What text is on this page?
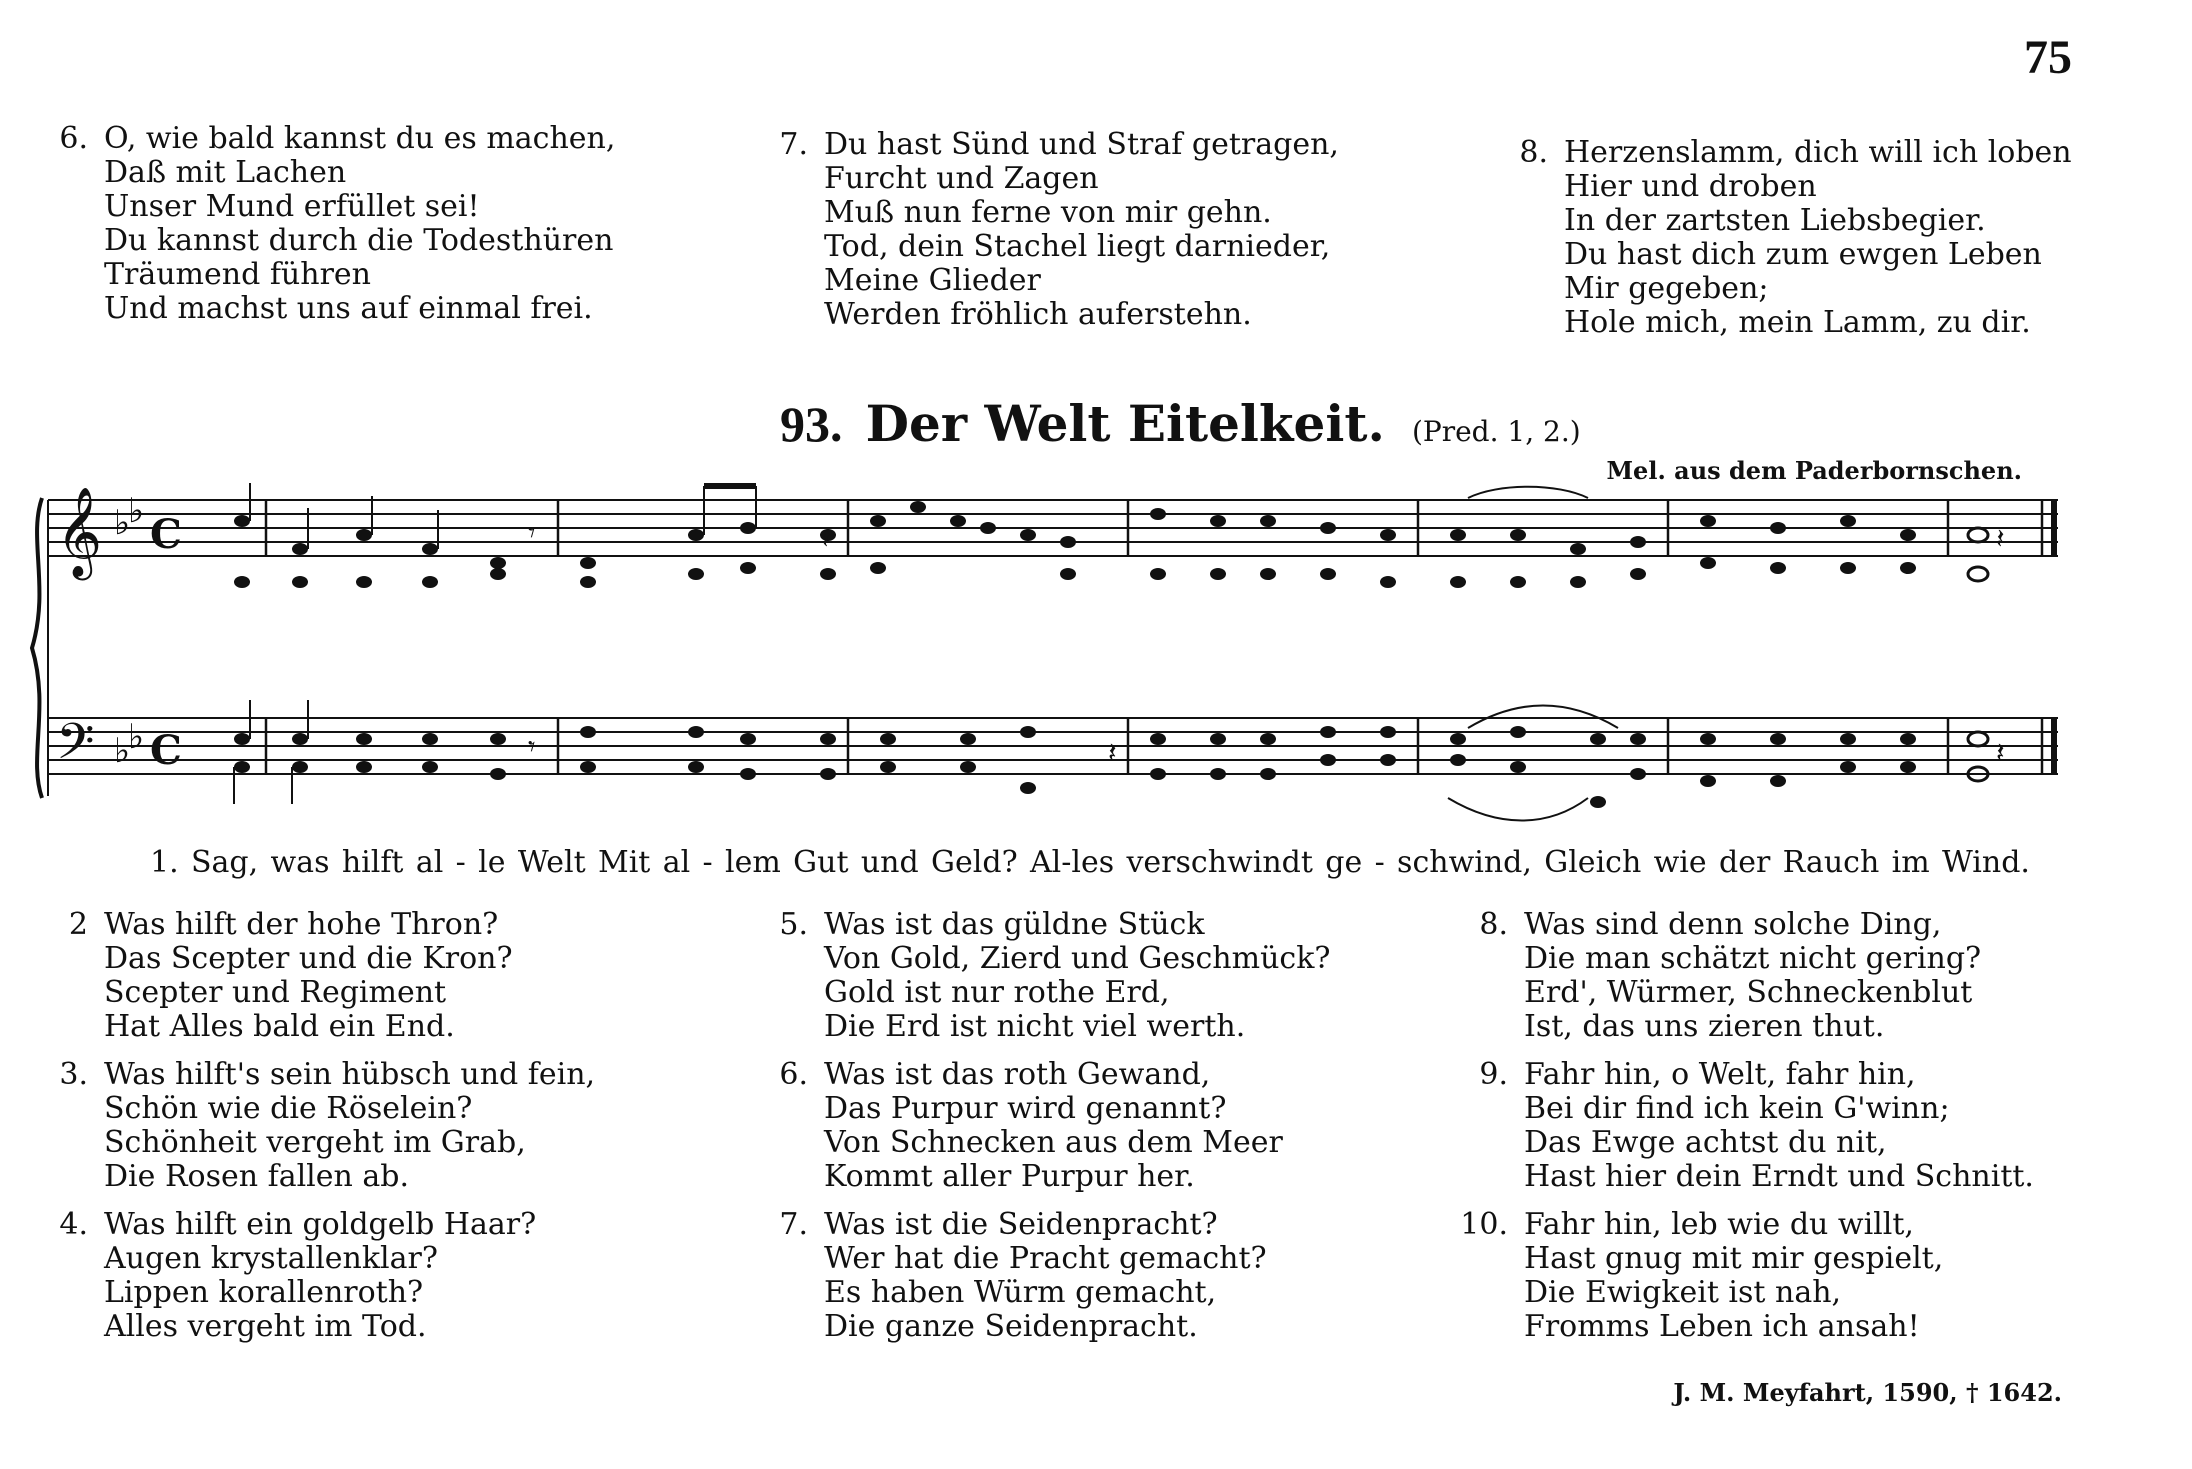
75
6. O, wie bald kannst du es machen,
Daß mit Lachen
Unser Mund erfüllet sei!
Du kannst durch die Todesthüren
Träumend führen
Und machst uns auf einmal frei.
7. Du hast Sünd und Straf getragen,
Furcht und Zagen
Muß nun ferne von mir gehn.
Tod, dein Stachel liegt darnieder,
Meine Glieder
Werden fröhlich auferstehn.
8. Herzenslamm, dich will ich loben
Hier und droben
In der zartsten Liebsbegier.
Du hast dich zum ewgen Leben
Mir gegeben;
Hole mich, mein Lamm, zu dir.
93. Der Welt Eitelkeit. (Pred. 1, 2.)
Mel. aus dem Paderbornschen.
𝄞
𝄢
♭
♭
♭
♭
C
C
𝄾
𝄾
𝄽
𝄽
𝄽
𝄽
1. Sag, was hilft al - le Welt Mit al - lem Gut und Geld? Al-les verschwindt ge - schwind, Gleich wie der Rauch im Wind.
2 Was hilft der hohe Thron?
Das Scepter und die Kron?
Scepter und Regiment
Hat Alles bald ein End.
3. Was hilft's sein hübsch und fein,
Schön wie die Röselein?
Schönheit vergeht im Grab,
Die Rosen fallen ab.
4. Was hilft ein goldgelb Haar?
Augen krystallenklar?
Lippen korallenroth?
Alles vergeht im Tod.
5. Was ist das güldne Stück
Von Gold, Zierd und Geschmück?
Gold ist nur rothe Erd,
Die Erd ist nicht viel werth.
6. Was ist das roth Gewand,
Das Purpur wird genannt?
Von Schnecken aus dem Meer
Kommt aller Purpur her.
7. Was ist die Seidenpracht?
Wer hat die Pracht gemacht?
Es haben Würm gemacht,
Die ganze Seidenpracht.
8. Was sind denn solche Ding,
Die man schätzt nicht gering?
Erd', Würmer, Schneckenblut
Ist, das uns zieren thut.
9. Fahr hin, o Welt, fahr hin,
Bei dir find ich kein G'winn;
Das Ewge achtst du nit,
Hast hier dein Erndt und Schnitt.
10. Fahr hin, leb wie du willt,
Hast gnug mit mir gespielt,
Die Ewigkeit ist nah,
Fromms Leben ich ansah!
J. M. Meyfahrt, 1590, † 1642.
